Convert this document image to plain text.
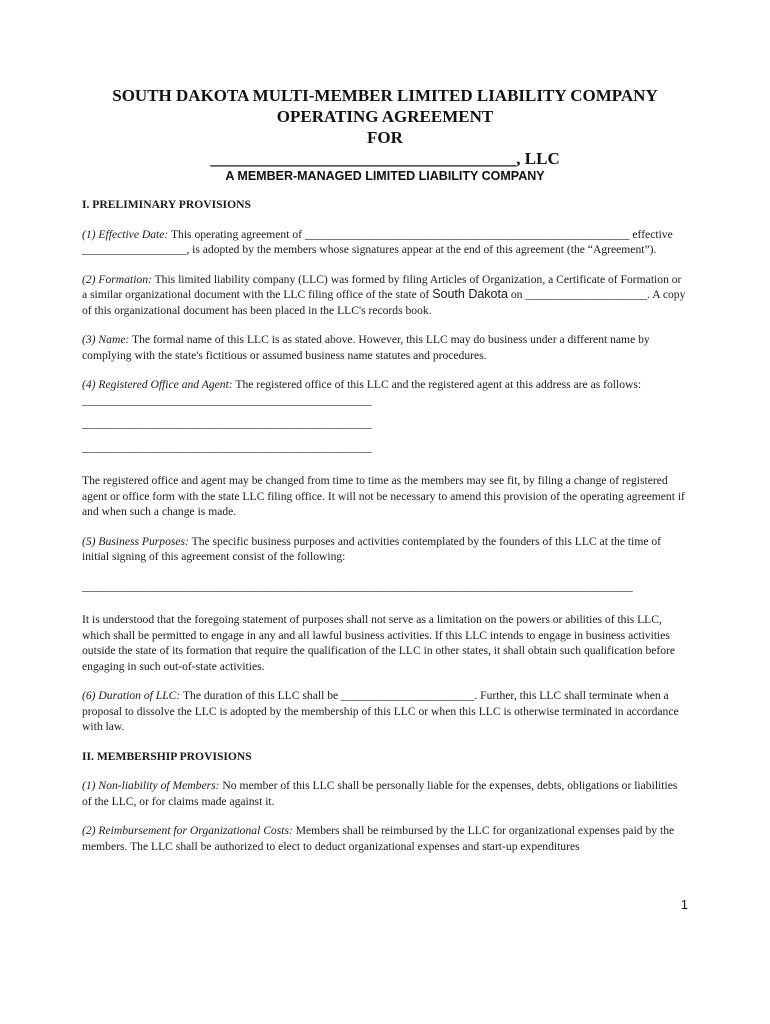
SOUTH DAKOTA MULTI-MEMBER LIMITED LIABILITY COMPANY
OPERATING AGREEMENT
FOR
____________________________________, LLC
A MEMBER-MANAGED LIMITED LIABILITY COMPANY
I. PRELIMINARY PROVISIONS

(1) Effective Date: This operating agreement of ________________________________________________________ effective __________________, is adopted by the members whose signatures appear at the end of this agreement (the “Agreement”).

(2) Formation: This limited liability company (LLC) was formed by filing Articles of Organization, a Certificate of Formation or a similar organizational document with the LLC filing office of the state of South Dakota on _____________________. A copy of this organizational document has been placed in the LLC's records book.

(3) Name: The formal name of this LLC is as stated above. However, this LLC may do business under a different name by complying with the state's fictitious or assumed business name statutes and procedures.

(4) Registered Office and Agent: The registered office of this LLC and the registered agent at this address are as follows:

__________________________________________________
__________________________________________________
__________________________________________________

The registered office and agent may be changed from time to time as the members may see fit, by filing a change of registered agent or office form with the state LLC filing office. It will not be necessary to amend this provision of the operating agreement if and when such a change is made.

(5) Business Purposes: The specific business purposes and activities contemplated by the founders of this LLC at the time of initial signing of this agreement consist of the following:

_______________________________________________________________________________________________

It is understood that the foregoing statement of purposes shall not serve as a limitation on the powers or abilities of this LLC, which shall be permitted to engage in any and all lawful business activities. If this LLC intends to engage in business activities outside the state of its formation that require the qualification of the LLC in other states, it shall obtain such qualification before engaging in such out-of-state activities.

(6) Duration of LLC: The duration of this LLC shall be _______________________. Further, this LLC shall terminate when a proposal to dissolve the LLC is adopted by the membership of this LLC or when this LLC is otherwise terminated in accordance with law.

II. MEMBERSHIP PROVISIONS

(1) Non-liability of Members: No member of this LLC shall be personally liable for the expenses, debts, obligations or liabilities of the LLC, or for claims made against it.

(2) Reimbursement for Organizational Costs: Members shall be reimbursed by the LLC for organizational expenses paid by the members. The LLC shall be authorized to elect to deduct organizational expenses and start-up expenditures

1
